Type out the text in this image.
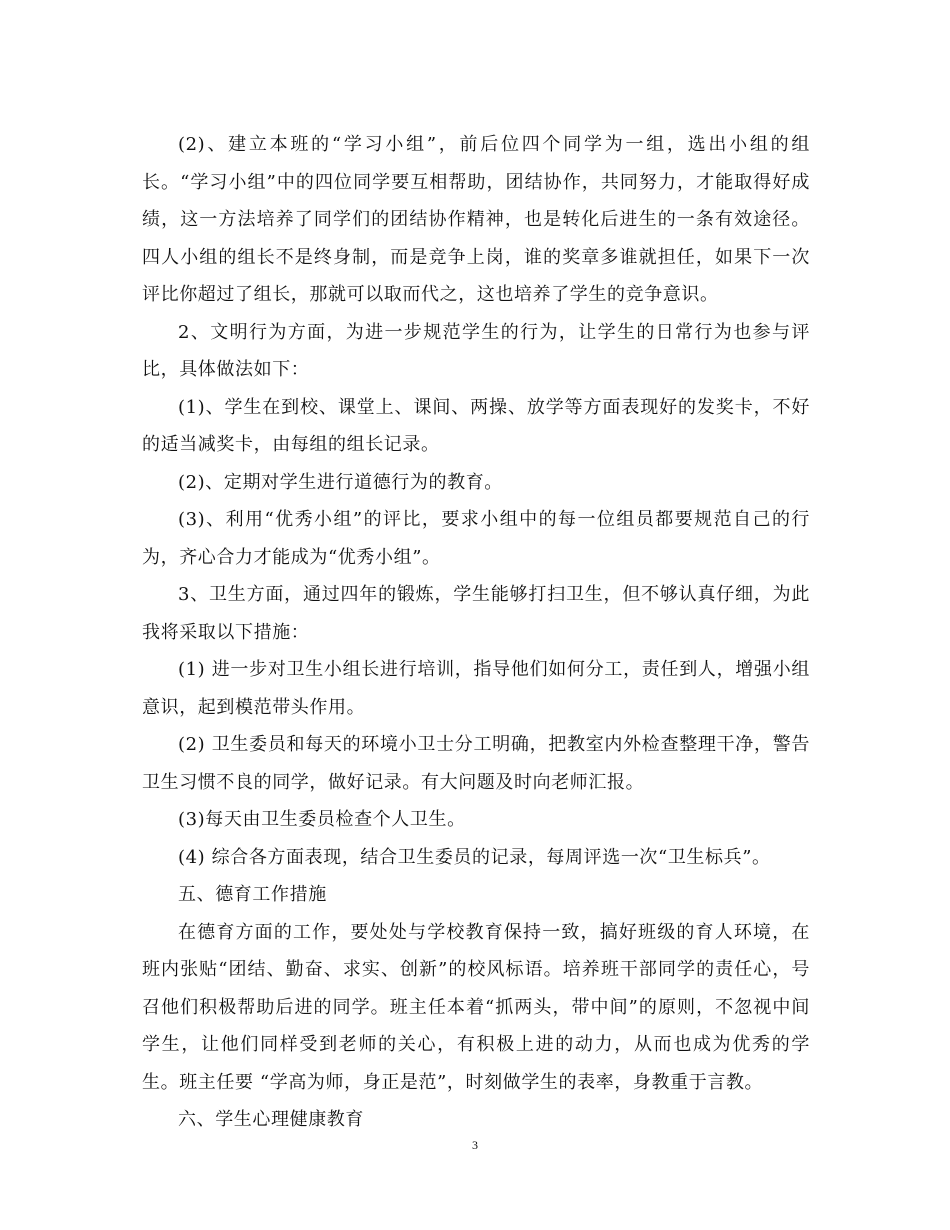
(2)、建立本班的“学习小组”，前后位四个同学为一组，选出小组的组长。“学习小组”中的四位同学要互相帮助，团结协作，共同努力，才能取得好成绩，这一方法培养了同学们的团结协作精神，也是转化后进生的一条有效途径。四人小组的组长不是终身制，而是竞争上岗，谁的奖章多谁就担任，如果下一次评比你超过了组长，那就可以取而代之，这也培养了学生的竞争意识。

2、文明行为方面，为进一步规范学生的行为，让学生的日常行为也参与评比，具体做法如下：

(1)、学生在到校、课堂上、课间、两操、放学等方面表现好的发奖卡，不好的适当减奖卡，由每组的组长记录。

(2)、定期对学生进行道德行为的教育。

(3)、利用“优秀小组”的评比，要求小组中的每一位组员都要规范自己的行为，齐心合力才能成为“优秀小组”。

3、卫生方面，通过四年的锻炼，学生能够打扫卫生，但不够认真仔细，为此我将采取以下措施：

(1) 进一步对卫生小组长进行培训，指导他们如何分工，责任到人，增强小组意识，起到模范带头作用。

(2) 卫生委员和每天的环境小卫士分工明确，把教室内外检查整理干净，警告卫生习惯不良的同学，做好记录。有大问题及时向老师汇报。

(3)每天由卫生委员检查个人卫生。

(4) 综合各方面表现，结合卫生委员的记录，每周评选一次“卫生标兵”。

五、德育工作措施

在德育方面的工作，要处处与学校教育保持一致，搞好班级的育人环境，在班内张贴“团结、勤奋、求实、创新”的校风标语。培养班干部同学的责任心，号召他们积极帮助后进的同学。班主任本着“抓两头，带中间”的原则，不忽视中间学生，让他们同样受到老师的关心，有积极上进的动力，从而也成为优秀的学生。班主任要 “学高为师，身正是范”，时刻做学生的表率，身教重于言教。

六、学生心理健康教育

3
